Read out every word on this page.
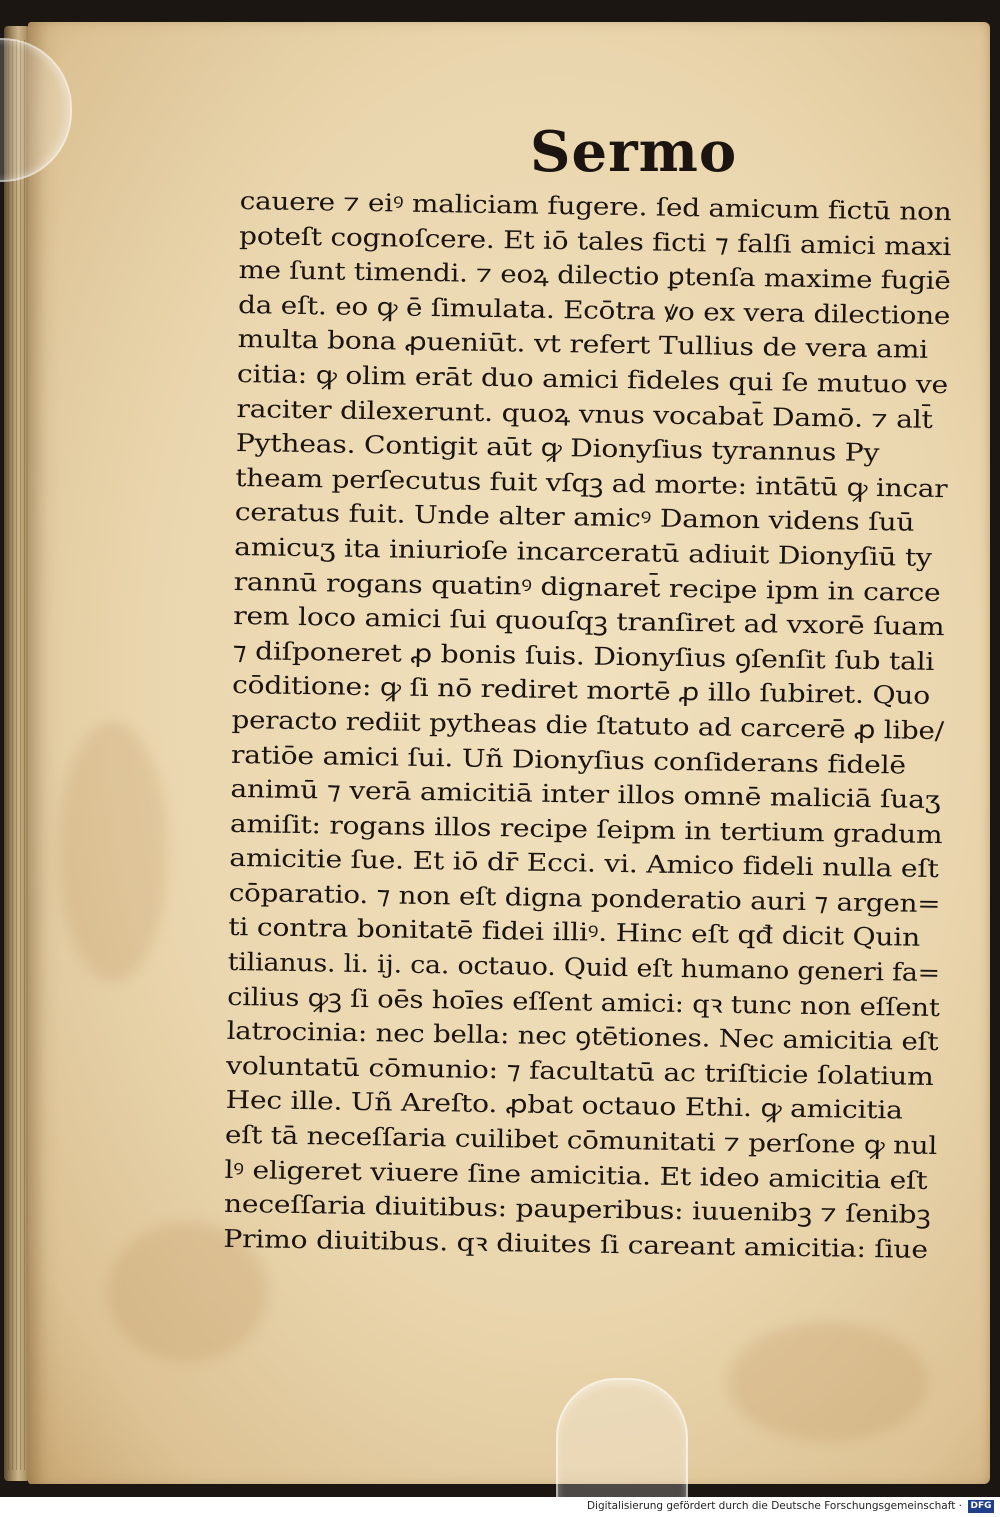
Sermo
cauere ⁊ eiꝰ maliciam fugere. ſed amicum fictū non
poteſt cognoſcere. Et iō tales ficti ⁊ falſi amici maxi
me ſunt timendi. ⁊ eoꝝ dilectio ꝑtenſa maxime fugiē
da eſt. eo ꝙ ē ſimulata. Ecōtra ꝟo ex vera dilectione
multa bona ꝓueniūt. vt refert Tullius de vera ami
citia: ꝙ olim erāt duo amici fideles qui ſe mutuo ve
raciter dilexerunt. quoꝝ vnus vocabat̄ Damō. ⁊ alt̄
Pytheas. Contigit aūt ꝙ Dionyſius tyrannus Py
theam perſecutus fuit vſqꝫ ad morte: intātū ꝙ incar
ceratus fuit. Unde alter amicꝰ Damon videns ſuū
amicuʒ ita iniurioſe incarceratū adiuit Dionyſiū ty
rannū rogans quatinꝰ dignaret̄ recipe ipm in carce
rem loco amici ſui quouſqꝫ tranſiret ad vxorē ſuam
⁊ diſponeret ꝓ bonis ſuis. Dionyſius ꝯſenſit ſub tali
cōditione: ꝙ ſi nō rediret mortē ꝓ illo ſubiret. Quo
peracto rediit pytheas die ſtatuto ad carcerē ꝓ libe/
ratiōe amici ſui. Uñ Dionyſius conſiderans fidelē
animū ⁊ verā amicitiā inter illos omnē maliciā ſuaʒ
amiſit: rogans illos recipe ſeipm in tertium gradum
amicitie ſue. Et iō dr̄ Ecci. vi. Amico fideli nulla eſt
cōparatio. ⁊ non eſt digna ponderatio auri ⁊ argen=
ti contra bonitatē fidei illiꝰ. Hinc eſt qđ dicit Quin
tilianus. li. ij. ca. octauo. Quid eſt humano generi fa=
cilius ꝙꝫ ſi oēs hoīes eſſent amici: qꝛ tunc non eſſent
latrocinia: nec bella: nec ꝯtētiones. Nec amicitia eſt
voluntatū cōmunio: ⁊ facultatū ac triſticie ſolatium
Hec ille. Uñ Areſto. ꝓbat octauo Ethi. ꝙ amicitia
eſt tā neceſſaria cuilibet cōmunitati ⁊ perſone ꝙ nul
lꝰ eligeret viuere ſine amicitia. Et ideo amicitia eſt
neceſſaria diuitibus: pauperibus: iuuenibꝫ ⁊ ſenibꝫ
Primo diuitibus. qꝛ diuites ſi careant amicitia: ſiue
Digitalisierung gefördert durch die Deutsche Forschungsgemeinschaft · DFG
